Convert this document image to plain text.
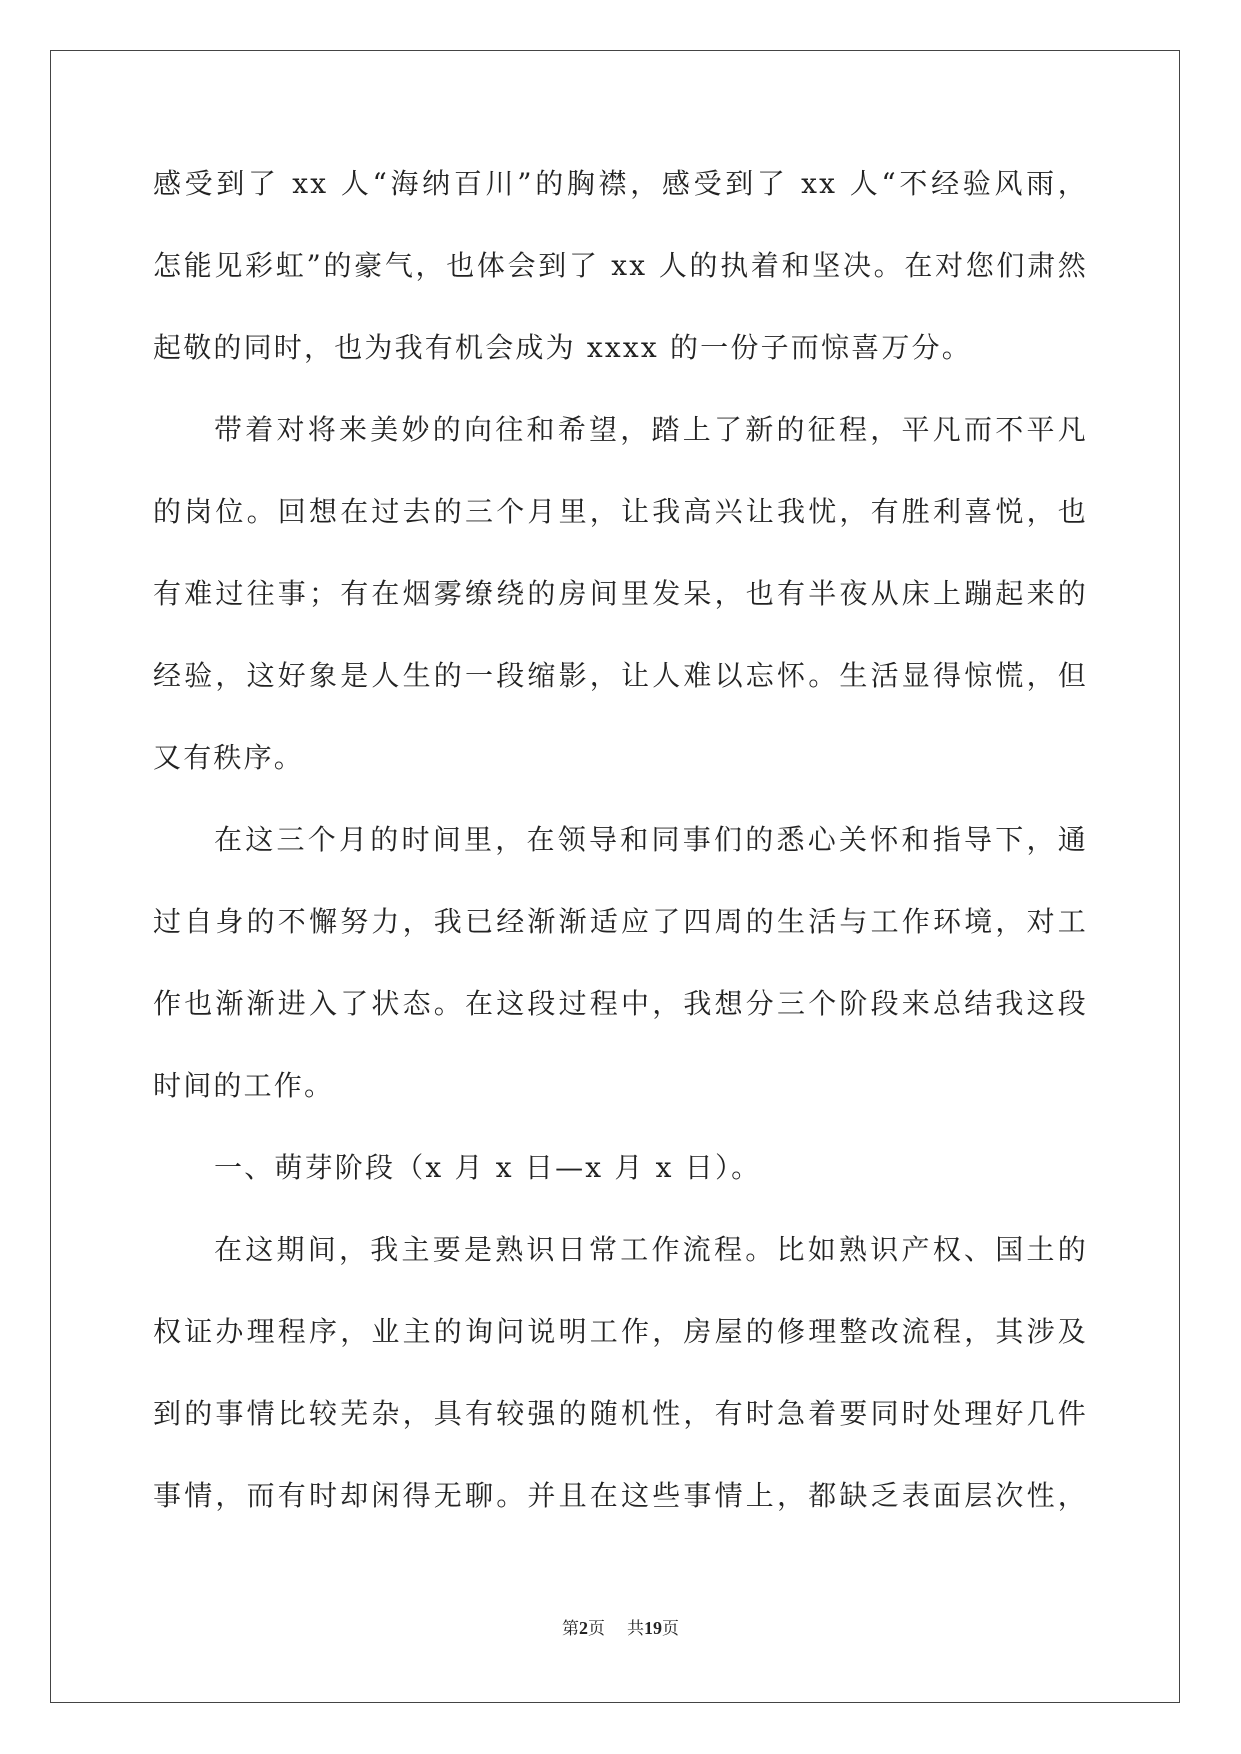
感受到了 xx 人“海纳百川”的胸襟，感受到了 xx 人“不经验风雨，
怎能见彩虹”的豪气，也体会到了 xx 人的执着和坚决。在对您们肃然
起敬的同时，也为我有机会成为 xxxx 的一份子而惊喜万分。
带着对将来美妙的向往和希望，踏上了新的征程，平凡而不平凡
的岗位。回想在过去的三个月里，让我高兴让我忧，有胜利喜悦，也
有难过往事；有在烟雾缭绕的房间里发呆，也有半夜从床上蹦起来的
经验，这好象是人生的一段缩影，让人难以忘怀。生活显得惊慌，但
又有秩序。
在这三个月的时间里，在领导和同事们的悉心关怀和指导下，通
过自身的不懈努力，我已经渐渐适应了四周的生活与工作环境，对工
作也渐渐进入了状态。在这段过程中，我想分三个阶段来总结我这段
时间的工作。
一、萌芽阶段（x 月 x 日—x 月 x 日）。
在这期间，我主要是熟识日常工作流程。比如熟识产权、国土的
权证办理程序，业主的询问说明工作，房屋的修理整改流程，其涉及
到的事情比较芜杂，具有较强的随机性，有时急着要同时处理好几件
事情，而有时却闲得无聊。并且在这些事情上，都缺乏表面层次性，
第2页 共19页
